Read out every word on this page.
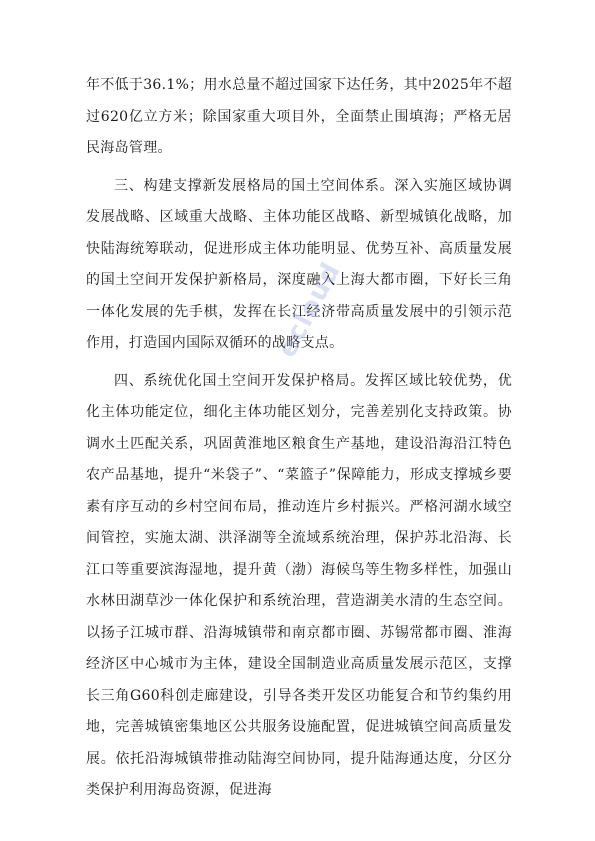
年不低于36.1%；用水总量不超过国家下达任务，其中2025年不超过620亿立方米；除国家重大项目外，全面禁止围填海；严格无居民海岛管理。

三、构建支撑新发展格局的国土空间体系。深入实施区域协调发展战略、区域重大战略、主体功能区战略、新型城镇化战略，加快陆海统筹联动，促进形成主体功能明显、优势互补、高质量发展的国土空间开发保护新格局，深度融入上海大都市圈，下好长三角一体化发展的先手棋，发挥在长江经济带高质量发展中的引领示范作用，打造国内国际双循环的战略支点。

四、系统优化国土空间开发保护格局。发挥区域比较优势，优化主体功能定位，细化主体功能区划分，完善差别化支持政策。协调水土匹配关系，巩固黄淮地区粮食生产基地，建设沿海沿江特色农产品基地，提升“米袋子”、“菜篮子”保障能力，形成支撑城乡要素有序互动的乡村空间布局，推动连片乡村振兴。严格河湖水域空间管控，实施太湖、洪泽湖等全流域系统治理，保护苏北沿海、长江口等重要滨海湿地，提升黄（渤）海候鸟等生物多样性，加强山水林田湖草沙一体化保护和系统治理，营造湖美水清的生态空间。以扬子江城市群、沿海城镇带和南京都市圈、苏锡常都市圈、淮海经济区中心城市为主体，建设全国制造业高质量发展示范区，支撑长三角G60科创走廊建设，引导各类开发区功能复合和节约集约用地，完善城镇密集地区公共服务设施配置，促进城镇空间高质量发展。依托沿海城镇带推动陆海空间协同，提升陆海通达度，分区分类保护利用海岛资源，促进海

ecloud
